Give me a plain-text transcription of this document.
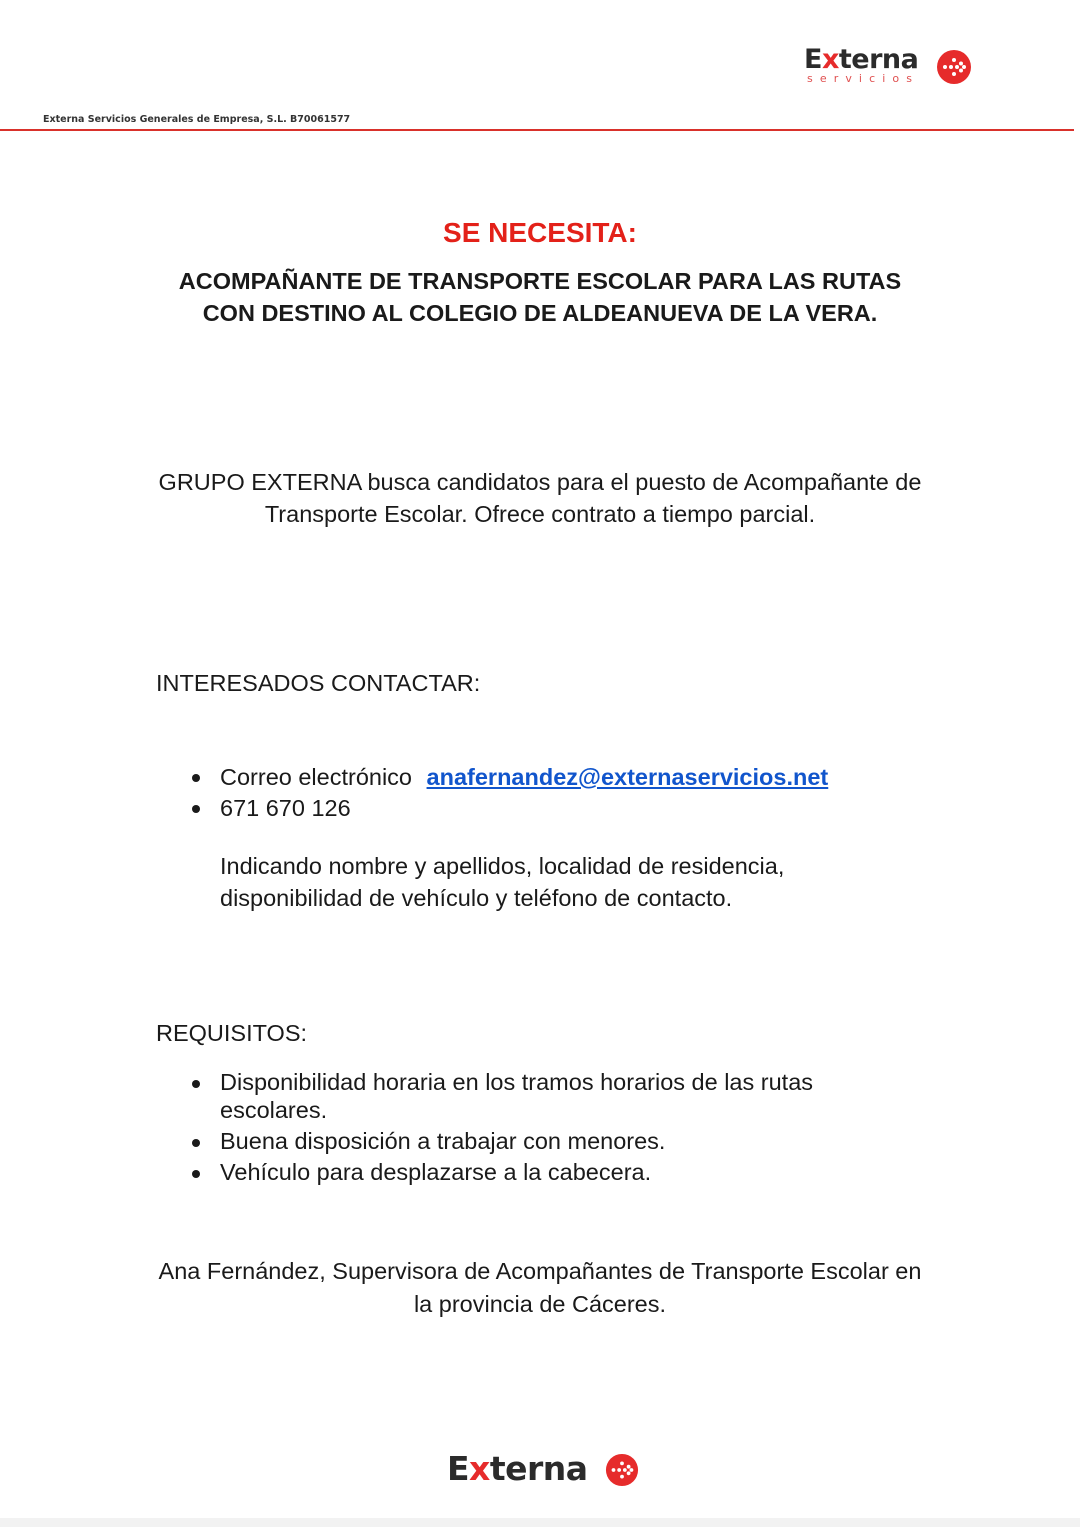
Externa
servicios
Externa Servicios Generales de Empresa, S.L. B70061577
SE NECESITA:
ACOMPAÑANTE DE TRANSPORTE ESCOLAR PARA LAS RUTAS CON DESTINO AL COLEGIO DE ALDEANUEVA DE LA VERA.
GRUPO EXTERNA busca candidatos para el puesto de Acompañante de Transporte Escolar. Ofrece contrato a tiempo parcial.
INTERESADOS CONTACTAR:
Correo electrónico anafernandez@externaservicios.net
671 670 126
Indicando nombre y apellidos, localidad de residencia, disponibilidad de vehículo y teléfono de contacto.
REQUISITOS:
Disponibilidad horaria en los tramos horarios de las rutas escolares.
Buena disposición a trabajar con menores.
Vehículo para desplazarse a la cabecera.
Ana Fernández, Supervisora de Acompañantes de Transporte Escolar en la provincia de Cáceres.
Externa
